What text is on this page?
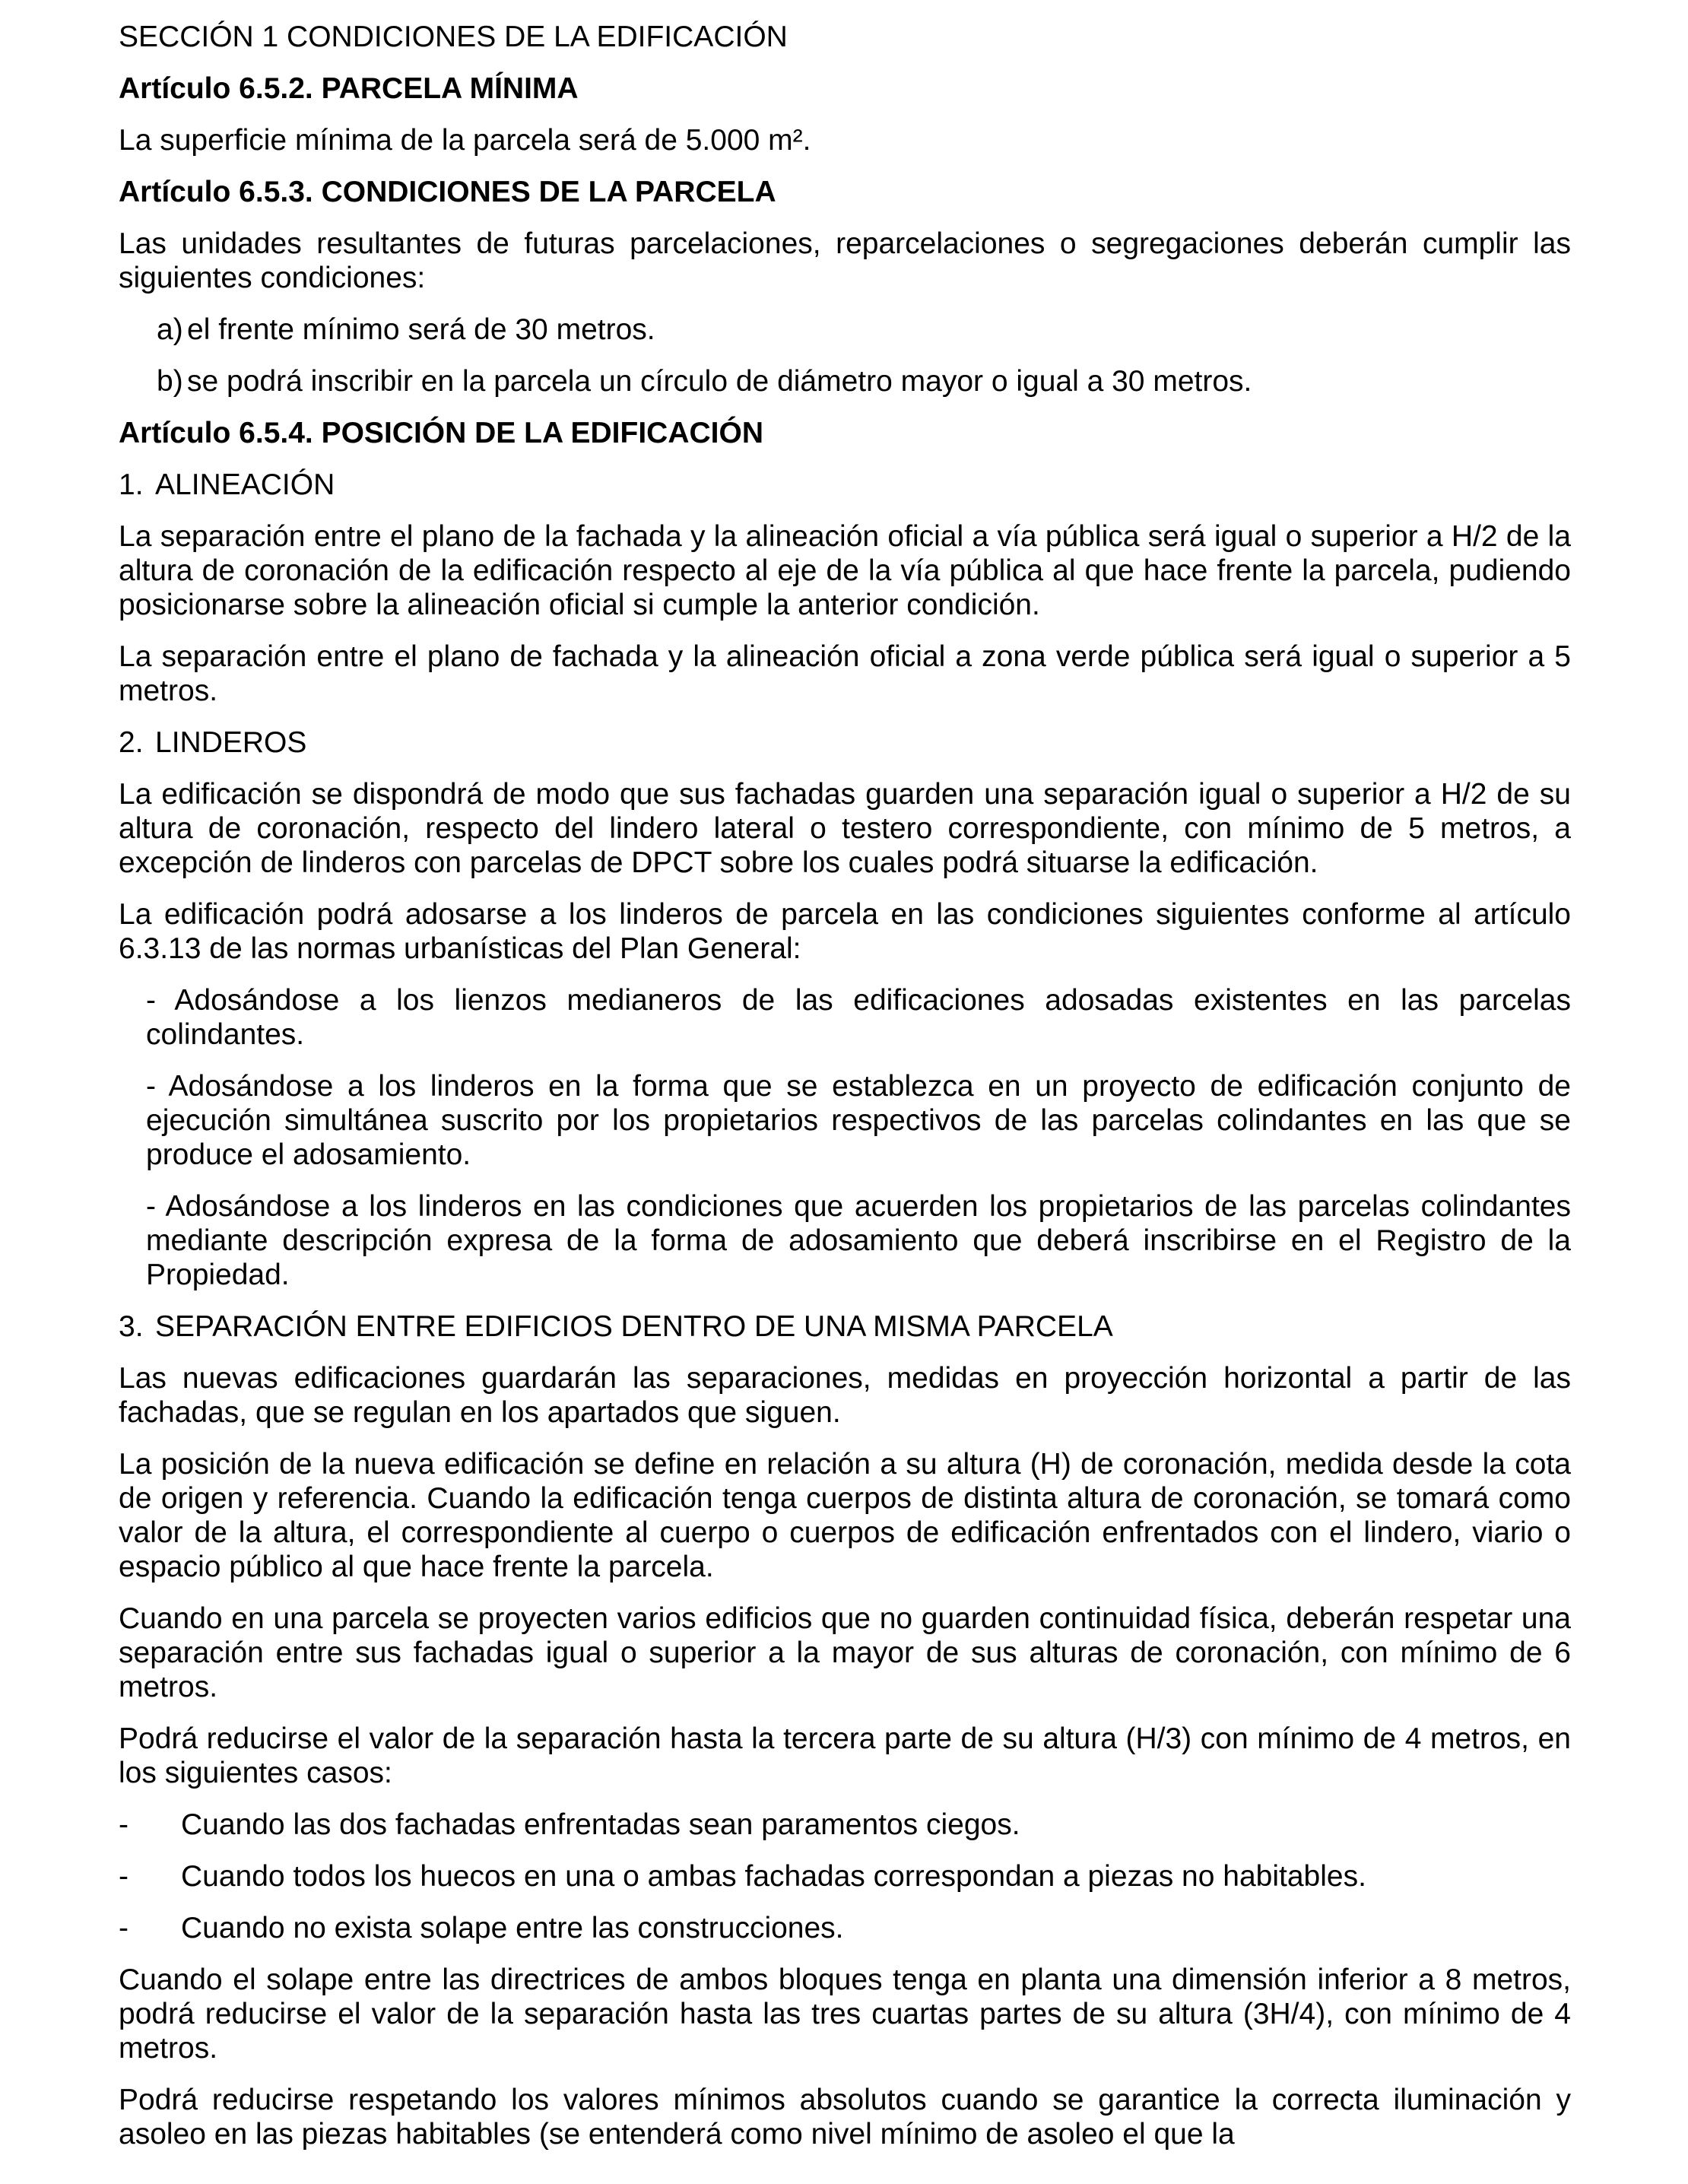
SECCIÓN 1 CONDICIONES DE LA EDIFICACIÓN
Artículo 6.5.2. PARCELA MÍNIMA

La superficie mínima de la parcela será de 5.000 m².

Artículo 6.5.3. CONDICIONES DE LA PARCELA

Las unidades resultantes de futuras parcelaciones, reparcelaciones o segregaciones deberán cumplir las siguientes condiciones:

a) el frente mínimo será de 30 metros.
b) se podrá inscribir en la parcela un círculo de diámetro mayor o igual a 30 metros.
Artículo 6.5.4. POSICIÓN DE LA EDIFICACIÓN
1. ALINEACIÓN

La separación entre el plano de la fachada y la alineación oficial a vía pública será igual o superior a H/2 de la altura de coronación de la edificación respecto al eje de la vía pública al que hace frente la parcela, pudiendo posicionarse sobre la alineación oficial si cumple la anterior condición.

La separación entre el plano de fachada y la alineación oficial a zona verde pública será igual o superior a 5 metros.

2. LINDEROS

La edificación se dispondrá de modo que sus fachadas guarden una separación igual o superior a H/2 de su altura de coronación, respecto del lindero lateral o testero correspondiente, con mínimo de 5 metros, a excepción de linderos con parcelas de DPCT sobre los cuales podrá situarse la edificación.

La edificación podrá adosarse a los linderos de parcela en las condiciones siguientes conforme al artículo 6.3.13 de las normas urbanísticas del Plan General:

- Adosándose a los lienzos medianeros de las edificaciones adosadas existentes en las parcelas colindantes.

- Adosándose a los linderos en la forma que se establezca en un proyecto de edificación conjunto de ejecución simultánea suscrito por los propietarios respectivos de las parcelas colindantes en las que se produce el adosamiento.

- Adosándose a los linderos en las condiciones que acuerden los propietarios de las parcelas colindantes mediante descripción expresa de la forma de adosamiento que deberá inscribirse en el Registro de la Propiedad.

3. SEPARACIÓN ENTRE EDIFICIOS DENTRO DE UNA MISMA PARCELA

Las nuevas edificaciones guardarán las separaciones, medidas en proyección horizontal a partir de las fachadas, que se regulan en los apartados que siguen.

La posición de la nueva edificación se define en relación a su altura (H) de coronación, medida desde la cota de origen y referencia. Cuando la edificación tenga cuerpos de distinta altura de coronación, se tomará como valor de la altura, el correspondiente al cuerpo o cuerpos de edificación enfrentados con el lindero, viario o espacio público al que hace frente la parcela.

Cuando en una parcela se proyecten varios edificios que no guarden continuidad física, deberán respetar una separación entre sus fachadas igual o superior a la mayor de sus alturas de coronación, con mínimo de 6 metros.

Podrá reducirse el valor de la separación hasta la tercera parte de su altura (H/3) con mínimo de 4 metros, en los siguientes casos:

-	Cuando las dos fachadas enfrentadas sean paramentos ciegos.
-	Cuando todos los huecos en una o ambas fachadas correspondan a piezas no habitables.
-	Cuando no exista solape entre las construcciones.

Cuando el solape entre las directrices de ambos bloques tenga en planta una dimensión inferior a 8 metros, podrá reducirse el valor de la separación hasta las tres cuartas partes de su altura (3H/4), con mínimo de 4 metros.

Podrá reducirse respetando los valores mínimos absolutos cuando se garantice la correcta iluminación y asoleo en las piezas habitables (se entenderá como nivel mínimo de asoleo el que la
